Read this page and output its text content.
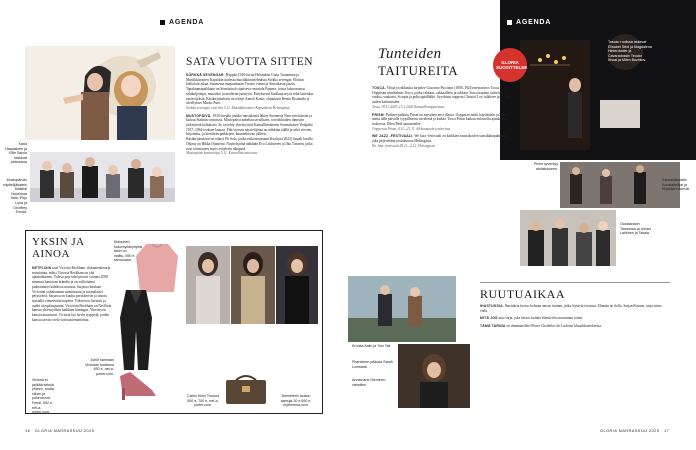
AGENDA
Karla Haapiainen ja Ellie Salola loistavat pääosissa
Mustopäivän näyttelijäkaarin Maileidi Nourimaa Sala, Pirjo Lona ja Geoffrey Ernsta.
SATA VUOTTA SITTEN

SÖRKKÄ SEVENGAR. Hyppää 1920-luvun Helsinkiin Greta Tuotannon ja Musiikkiteatteri Kapsäkin uudessa musiikkinäytelmässä Sörkka sevengar. Elettiin kieltolain aikaa, Suomessa naapurimaan Virosta viinaa ja Amerikasta jazzia. Tapahtumapaikkana on Sörnäisissä sijaitseva ravintola Pantera, joissa kokoontuvat salakuljettajat, muusikot ja modernit jazztytöt. Esityksessä kuullaan myös sekä lastenkin ensiesityksiä. Käsikirjoituksen on tehnyt Anneli Kanto, ohjauksen Reetta Ristimäki ja sävellykset Marko Puro.

Sörkka sevengar, ensi-ilta 5.11. Musiikkiteatteri Kapsäkissä Helsingissä.

MUSTOPÄIVÄ. 1930-luvulla joukko mustalaisia lähtee Suomesta Neuvostoliittoon ja kutsuu Stalinin vainoissa. Mustopäivä nakeltaa tavallisten, toivoikkaiden ihmisten järkyttäviä kohtaloita. Se on tehty yhteistyössä Kansallisteatterin Suomalaisen Venäjältä 1917–1964-teoksen kanssa. Fikt/vioessa näyttelijöinä on nähdään täällä ja sekä vievien, kirjoitettu, ja kiertävän paikkojen, kuunneltevan jälleen.

Käsikirjoituksen on tehnyt Eli Salo, jonka esikoisromaani Kuolijat (2022) finaali lavalla. Ohjaus on Hikka Ojaniemi. Näyttelijöinä nähdään Eva Loubtiveet ja Ilka Tolonen, jotka ovat toteutuneet myös esityksen alkuperä.

Mustopäivä kantaesitys 5.11. Kansallisteatterissa.

YKSIN JA AINOA

NETFLIXIN uusi Victoria Beckham -dokumenttisarja muistuttaa, miksi Victoria Beckham on yhä ajankohtainen. Tuleva pop-tähti perusti vuonna 2008 nimensä kantavan brändin ja on valloittanut pukeutuneet kahdessa muussa. Sarjassa kuulaan Victorian valtakunnan toiminnasta ja suomalaiset perusväriä. Sarjassa on kuultu peruskerron ja seuraa taustalla viimeistään nopeita. Väkiveron lisenssit ja uudet ulospäätajunnat. Victorian Beckham on Netflixin kanssa yhteistyöhön kaikkien kuningas. Yhteistyön kanssa muuttuvat. Victoria luo hyvin tyyppejä, joiden kanssa tarvita vielä vain tuntemattomia.

Klassinen kokomyöskyhyesi takin on valittu, 550 e, sitruunana.
Victoria ei pelkää keksiä yhteen, mutta siihen ja pukeutunut. Fendi, 592 e, net-a-porter.com.
Juhlit harmaan Victorian tuottama 650 e, net-a-porter.com.
Calvin Klein Trousut 600 e, 700 e, net-a-porter.com.
Demellerin laukun aamuja 30 e 690 e, mytheresa.com.
16 GLORIA MARRASKUU 2025
AGENDA
Toscan roolissa laulavat Elisabet Strid ja Magdalena Hinterdobler ja Cavaradossin Teodor Ilincai ja Milen Bozhkov.
GLORIA SUOSITTELEE
Tunteiden
TAITUREITA

TOSCA. Vihaa ja rakkautta tarjoilee Giacomo Puccinin (1858–1924) mestariteos Tosca. Oopperan nimihahmo Tosca, jonka rakkaus, rakkaalleen ja rakkaus Tosca kapinoi taistelunsa vuoksi, vaakasta, Scarpia ja poliisipäällikkö. Syyskuun ooppera Christof Loy tulkitsee ja se avaa uuden kattavuuden.

Tosca 19.11.2025–13.1.2026 Kansallisoopperassa.

PRISM. Pulitzer-palkittu Prism on mystinen ensi-illassa. Oopperan tutkii käytäntöön ja kertoo meitä tälle päivälle tyypillisessä sävelessä ja kaikki. Tosca Prism kaikuu erilaisella ajatuksella teoksesta. Ellen Reid suunnittelee.

Oopperan Prism, 4.11.–21.11. Aleksanterin teatterissa.

WE JAZZ -FESTIVAALI. We Jazz -festivaali on kaikkien muusikoiden suosikkitapahtuma, joka järjestetään joulukuussa Helsingissä.

We Jazz -festivaali 28.11.–2.12. Helsingissä.

Prism syventyy ahdistukseen.
Ooidaanarin Tamamaa ja Juhani Lahtinen ja Takala.
Kansalliskaartin Kuvataiteilijat ja Kirjailijat näkevät.
Krunka Aalto ja Tom Tall.
Pharloteen pääosa Sarah Lombardi.
Annamarie Nieminen vieraillen.
RUUTUAIKAA

IHASTUKSIA. Ihastuksia kertoo kolmen naisen tarinan, jotka löytävät toisensa. Elämän tai ilolla. Sarjan Kinoon, sarja sitten vielä.

MITÄ JOS uusi sarja, joka kertoo kuinka elämä olisi muuttunut toisin.

TÄMÄ TARINA on draamatrilleri Pierre Choderlos de Laclosin klassikkoteoksesta.

GLORIA MARRASKUU 2025 17
